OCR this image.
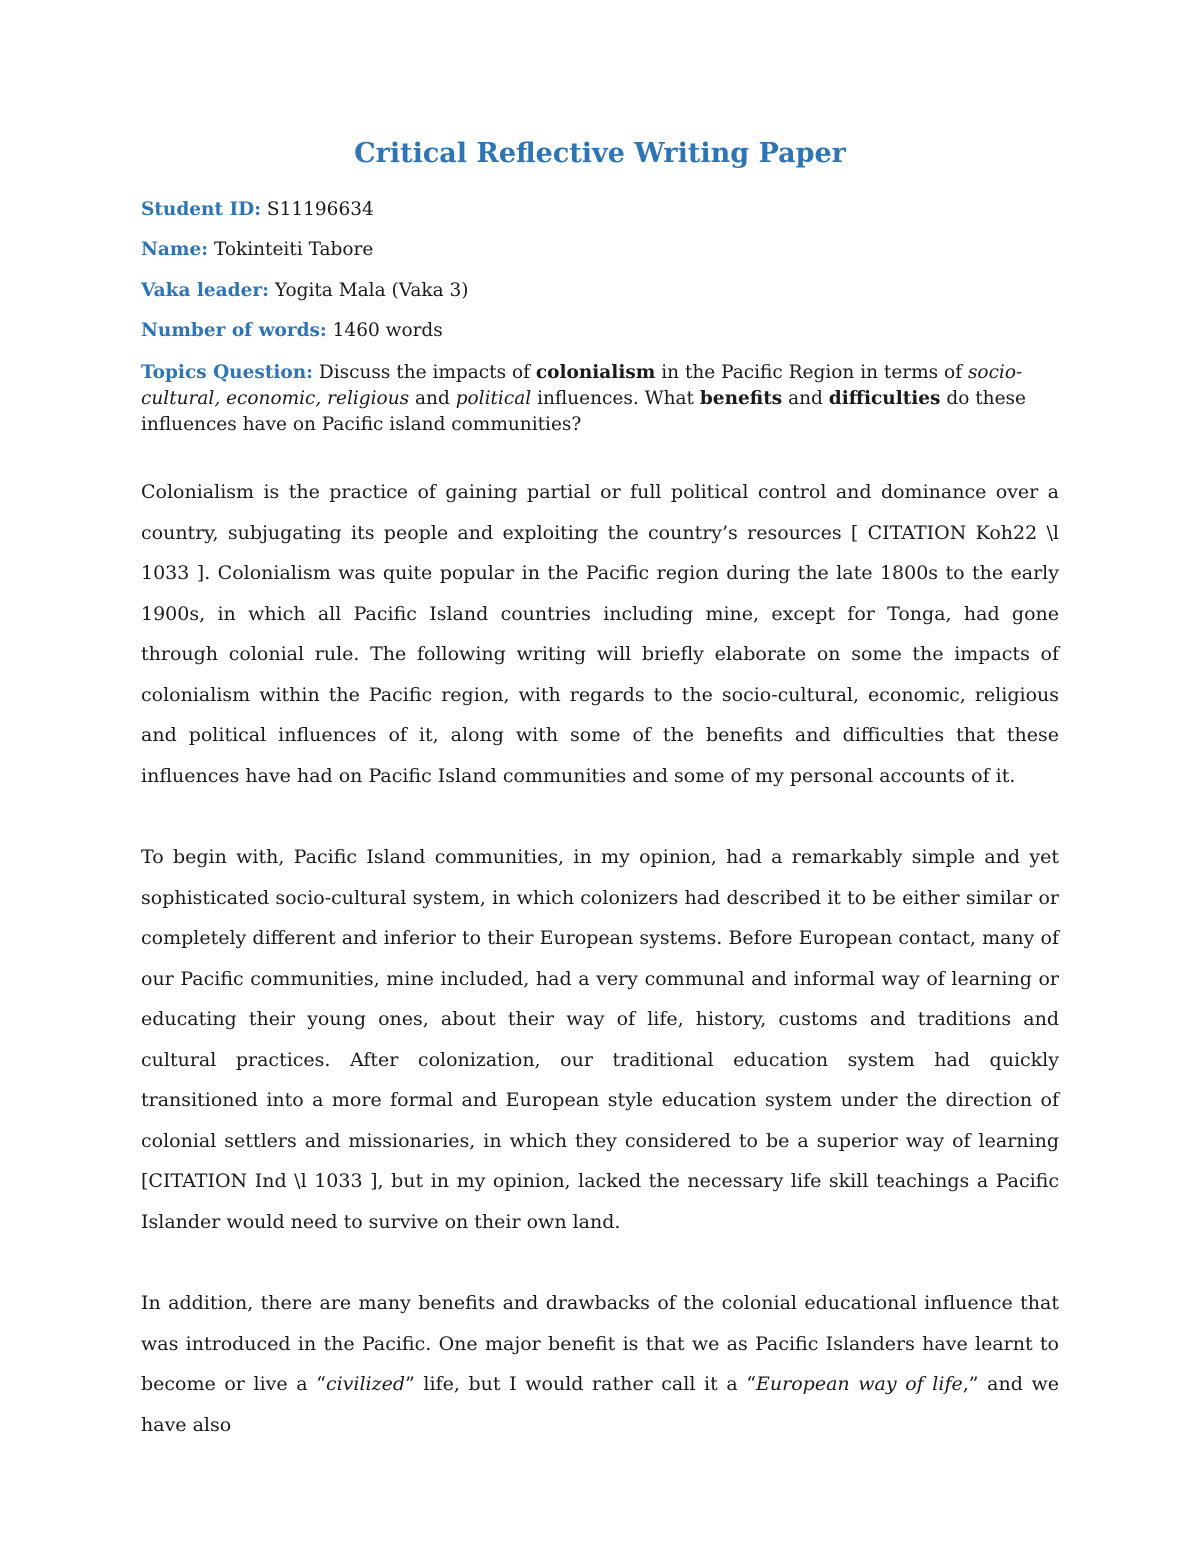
Critical Reflective Writing Paper

Student ID: S11196634

Name: Tokinteiti Tabore

Vaka leader: Yogita Mala (Vaka 3)

Number of words: 1460 words

Topics Question: Discuss the impacts of colonialism in the Pacific Region in terms of socio-cultural, economic, religious and political influences. What benefits and difficulties do these influences have on Pacific island communities?

Colonialism is the practice of gaining partial or full political control and dominance over a country, subjugating its people and exploiting the country’s resources [ CITATION Koh22 \l 1033 ]. Colonialism was quite popular in the Pacific region during the late 1800s to the early 1900s, in which all Pacific Island countries including mine, except for Tonga, had gone through colonial rule. The following writing will briefly elaborate on some the impacts of colonialism within the Pacific region, with regards to the socio-cultural, economic, religious and political influences of it, along with some of the benefits and difficulties that these influences have had on Pacific Island communities and some of my personal accounts of it.

To begin with, Pacific Island communities, in my opinion, had a remarkably simple and yet sophisticated socio-cultural system, in which colonizers had described it to be either similar or completely different and inferior to their European systems. Before European contact, many of our Pacific communities, mine included, had a very communal and informal way of learning or educating their young ones, about their way of life, history, customs and traditions and cultural practices. After colonization, our traditional education system had quickly transitioned into a more formal and European style education system under the direction of colonial settlers and missionaries, in which they considered to be a superior way of learning [CITATION Ind \l 1033 ], but in my opinion, lacked the necessary life skill teachings a Pacific Islander would need to survive on their own land.

In addition, there are many benefits and drawbacks of the colonial educational influence that was introduced in the Pacific. One major benefit is that we as Pacific Islanders have learnt to become or live a “civilized” life, but I would rather call it a “European way of life,” and we have also
